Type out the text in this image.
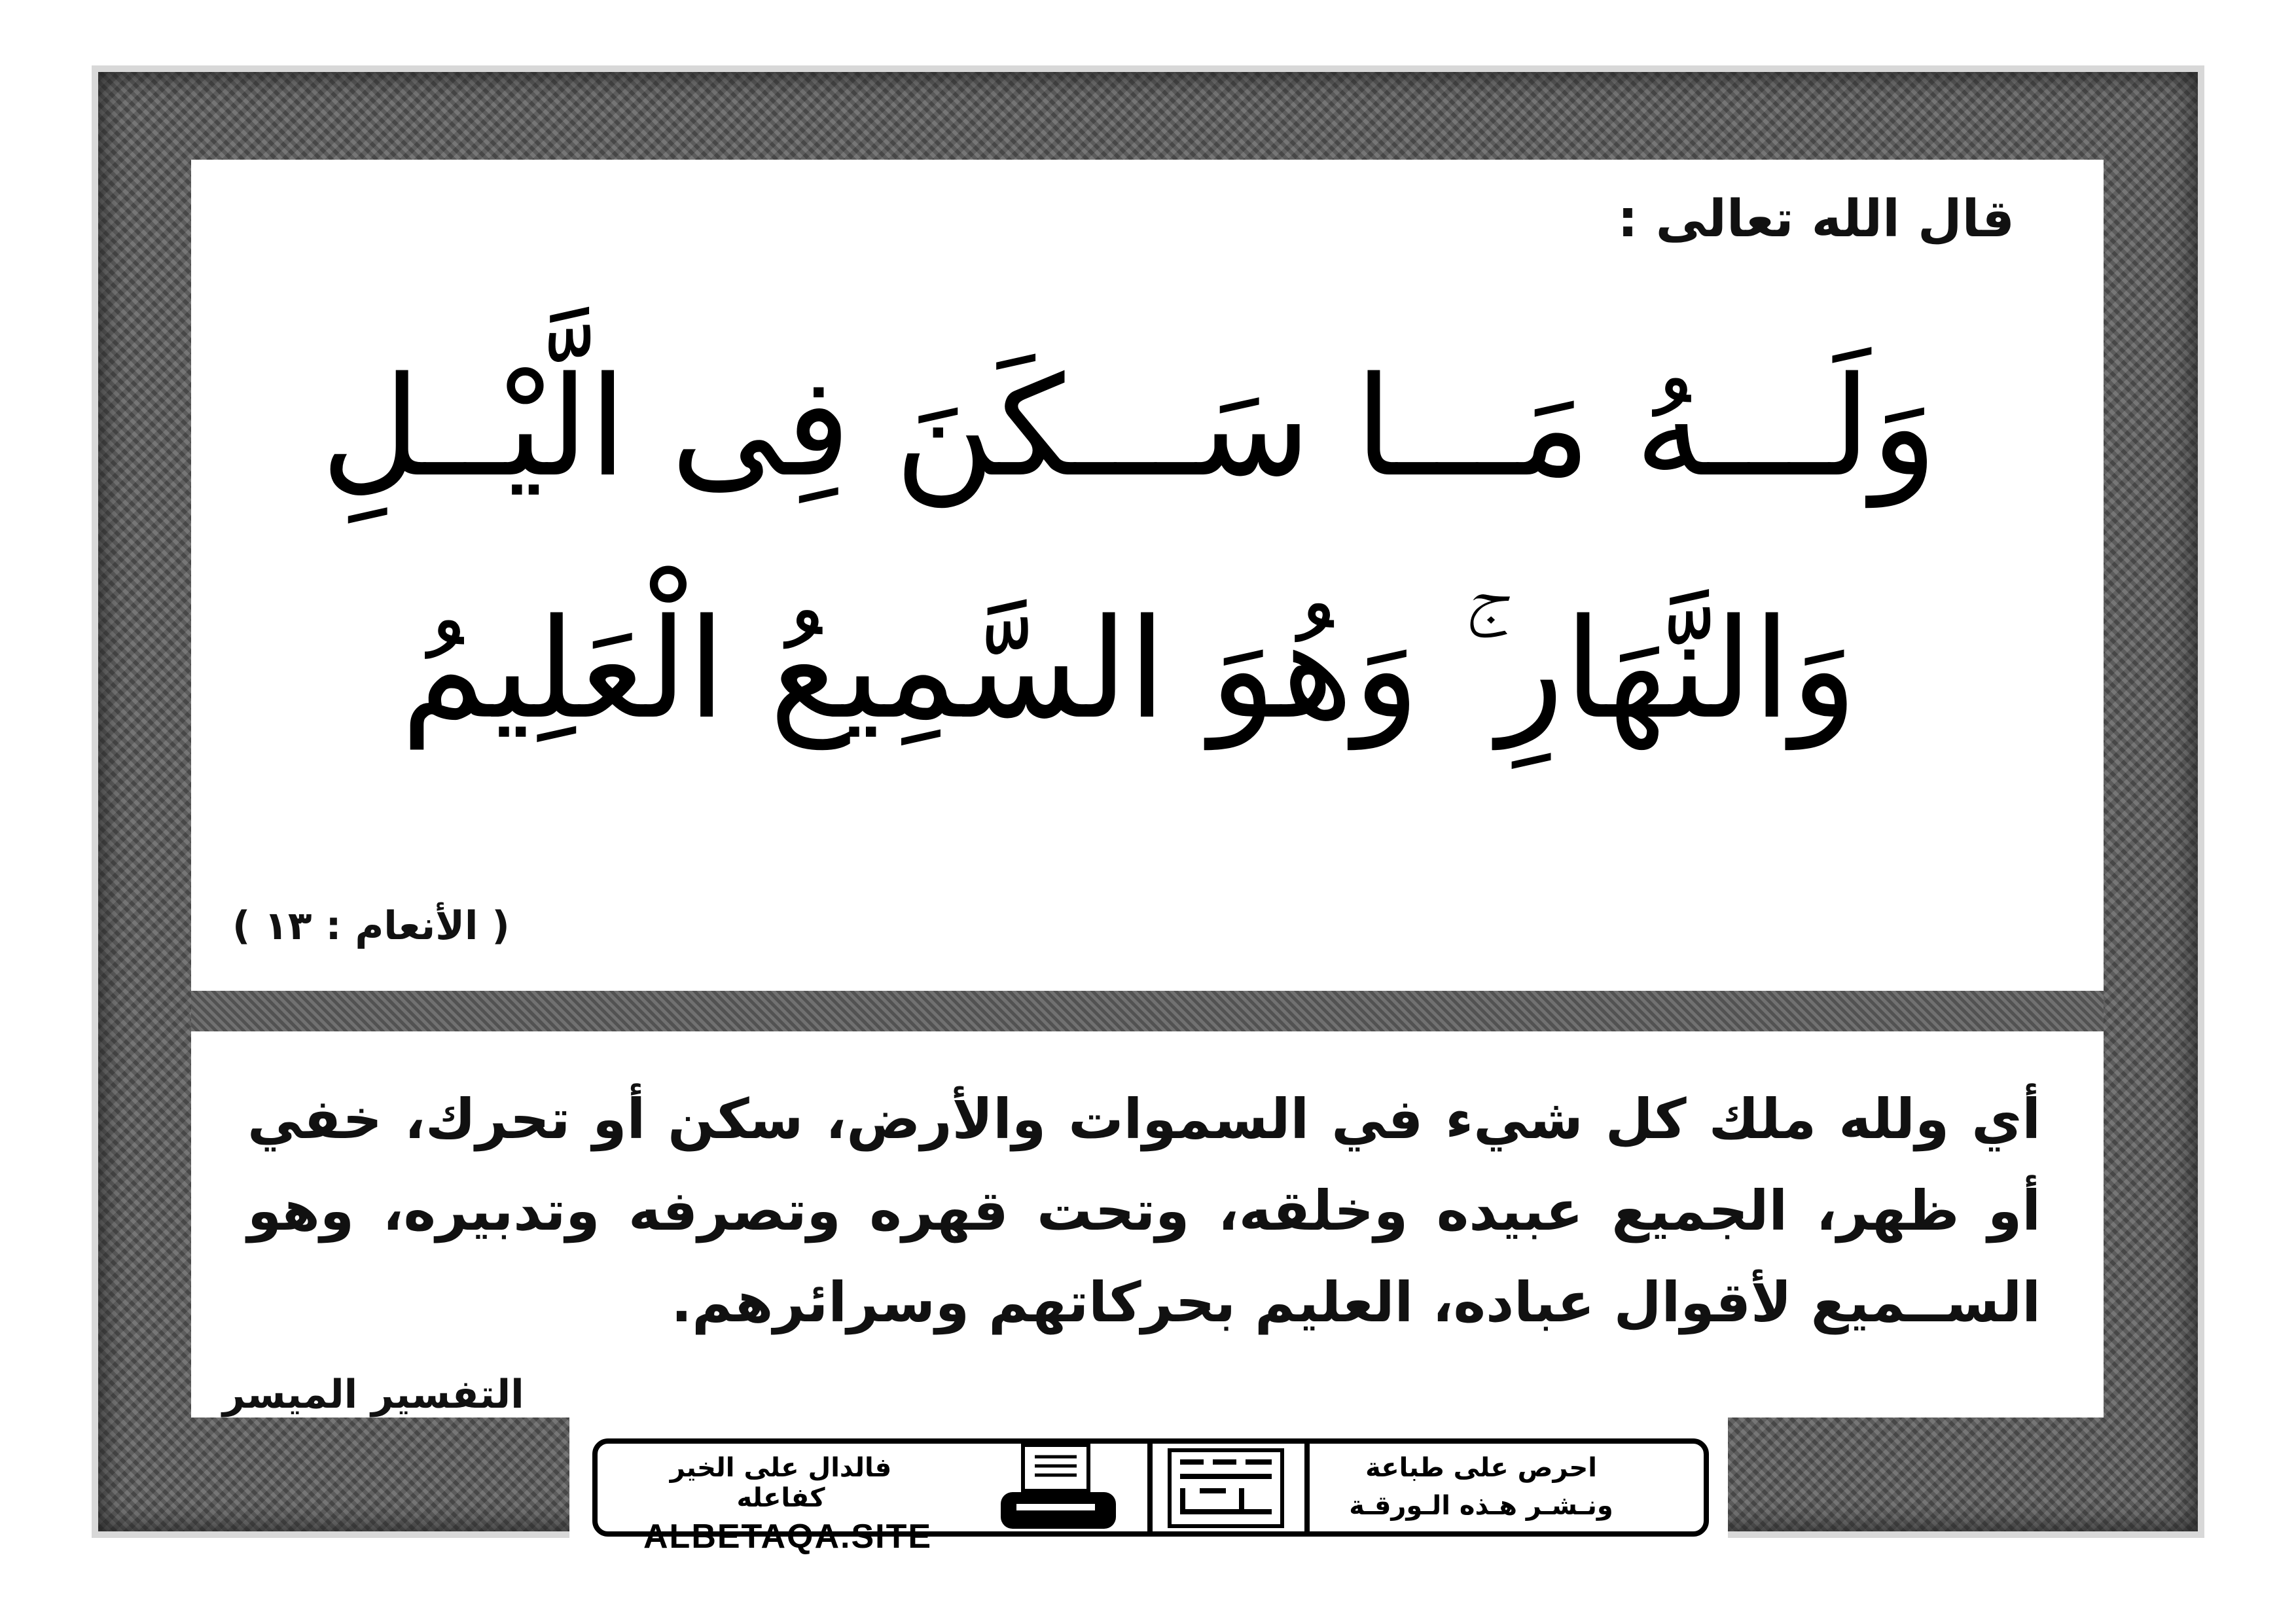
قال الله تعالى :
وَلَـــهُ مَـــا سَـــكَنَ فِى الَّيْــلِ
وَالنَّهَارِ ۚ وَهُوَ السَّمِيعُ الْعَلِيمُ
( الأنعام : ١٣ )
أي ولله ملك كل شيء في السموات والأرض، سكن أو تحرك، خفي أو ظهر، الجميع عبيده وخلقه، وتحت قهره وتصرفه وتدبيره، وهو الســميع لأقوال عباده، العليم بحركاتهم وسرائرهم.
التفسير الميسر
فالدال على الخير كفاعله
ALBETAQA.SITE
احرص على طباعة
ونـشـر هـذه الـورقـة
